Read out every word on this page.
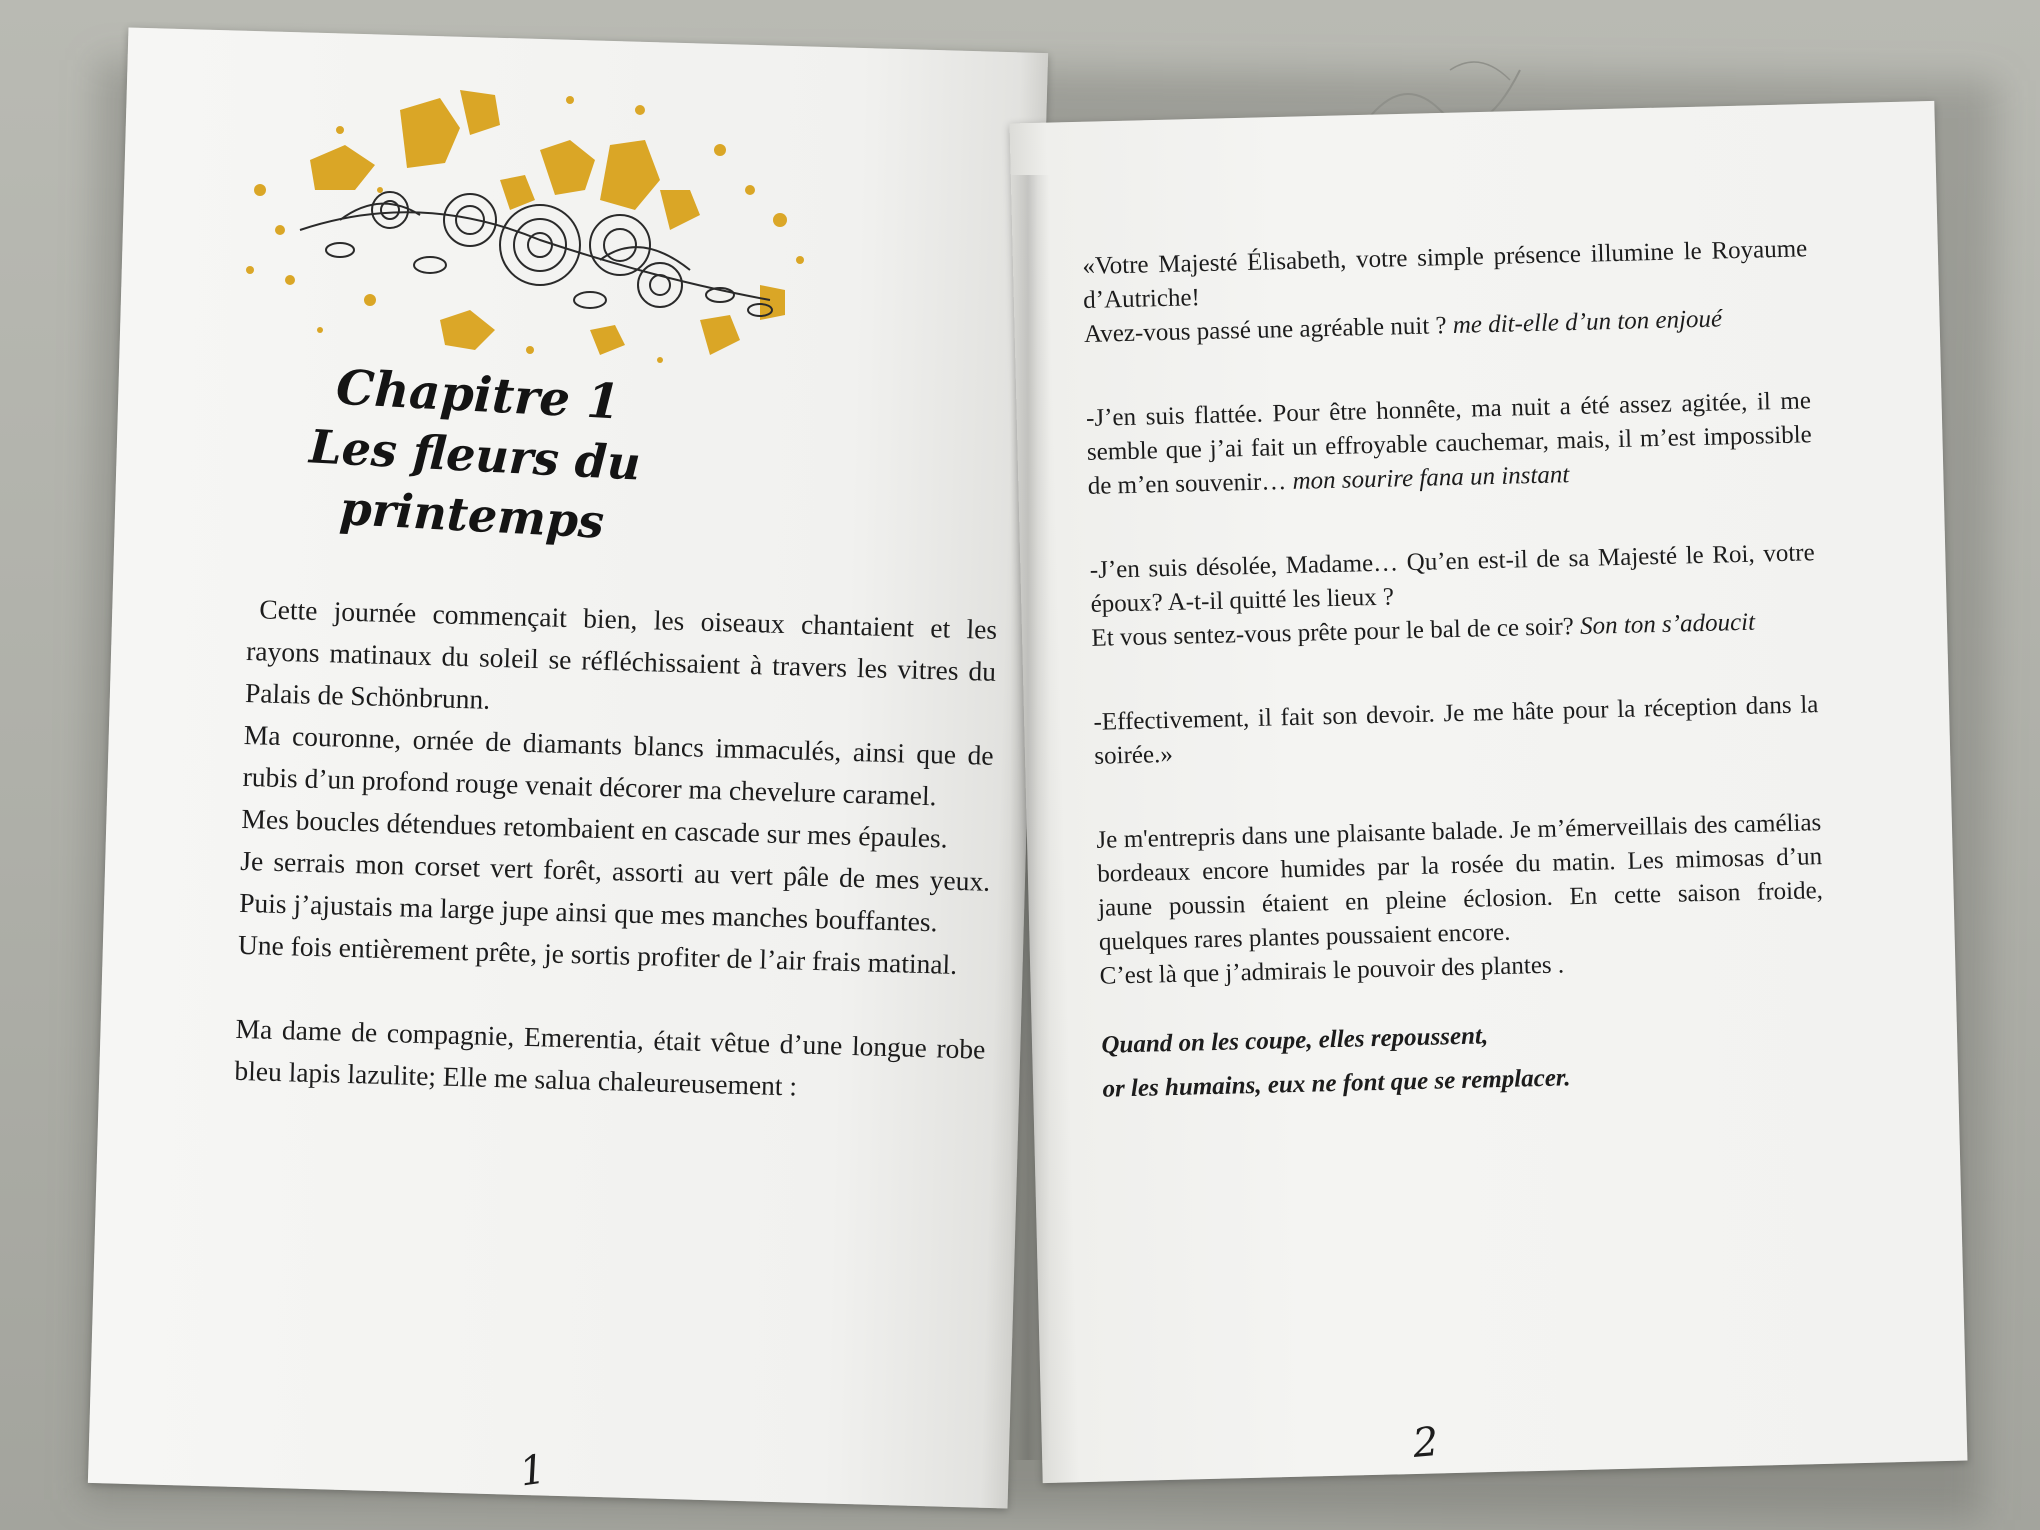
Chapitre 1
Les fleurs du printemps

Cette journée commençait bien, les oiseaux chantaient et les rayons matinaux du soleil se réfléchissaient à travers les vitres du Palais de Schönbrunn.

Ma couronne, ornée de diamants blancs immaculés, ainsi que de rubis d’un profond rouge venait décorer ma chevelure caramel.

Mes boucles détendues retombaient en cascade sur mes épaules.

Je serrais mon corset vert forêt, assorti au vert pâle de mes yeux. Puis j’ajustais ma large jupe ainsi que mes manches bouffantes.

Une fois entièrement prête, je sortis profiter de l’air frais matinal.

Ma dame de compagnie, Emerentia, était vêtue d’une longue robe bleu lapis lazulite; Elle me salua chaleureusement :

1

«Votre Majesté Élisabeth, votre simple présence illumine le Royaume d’Autriche!

Avez-vous passé une agréable nuit ? me dit-elle d’un ton enjoué

-J’en suis flattée. Pour être honnête, ma nuit a été assez agitée, il me semble que j’ai fait un effroyable cauchemar, mais, il m’est impossible de m’en souvenir… mon sourire fana un instant

-J’en suis désolée, Madame… Qu’en est-il de sa Majesté le Roi, votre époux? A-t-il quitté les lieux ?

Et vous sentez-vous prête pour le bal de ce soir? Son ton s’adoucit

-Effectivement, il fait son devoir. Je me hâte pour la réception dans la soirée.»

Je m'entrepris dans une plaisante balade. Je m’émerveillais des camélias bordeaux encore humides par la rosée du matin. Les mimosas d’un jaune poussin étaient en pleine éclosion. En cette saison froide, quelques rares plantes poussaient encore.

C’est là que j’admirais le pouvoir des plantes .

Quand on les coupe, elles repoussent,

or les humains, eux ne font que se remplacer.

2
